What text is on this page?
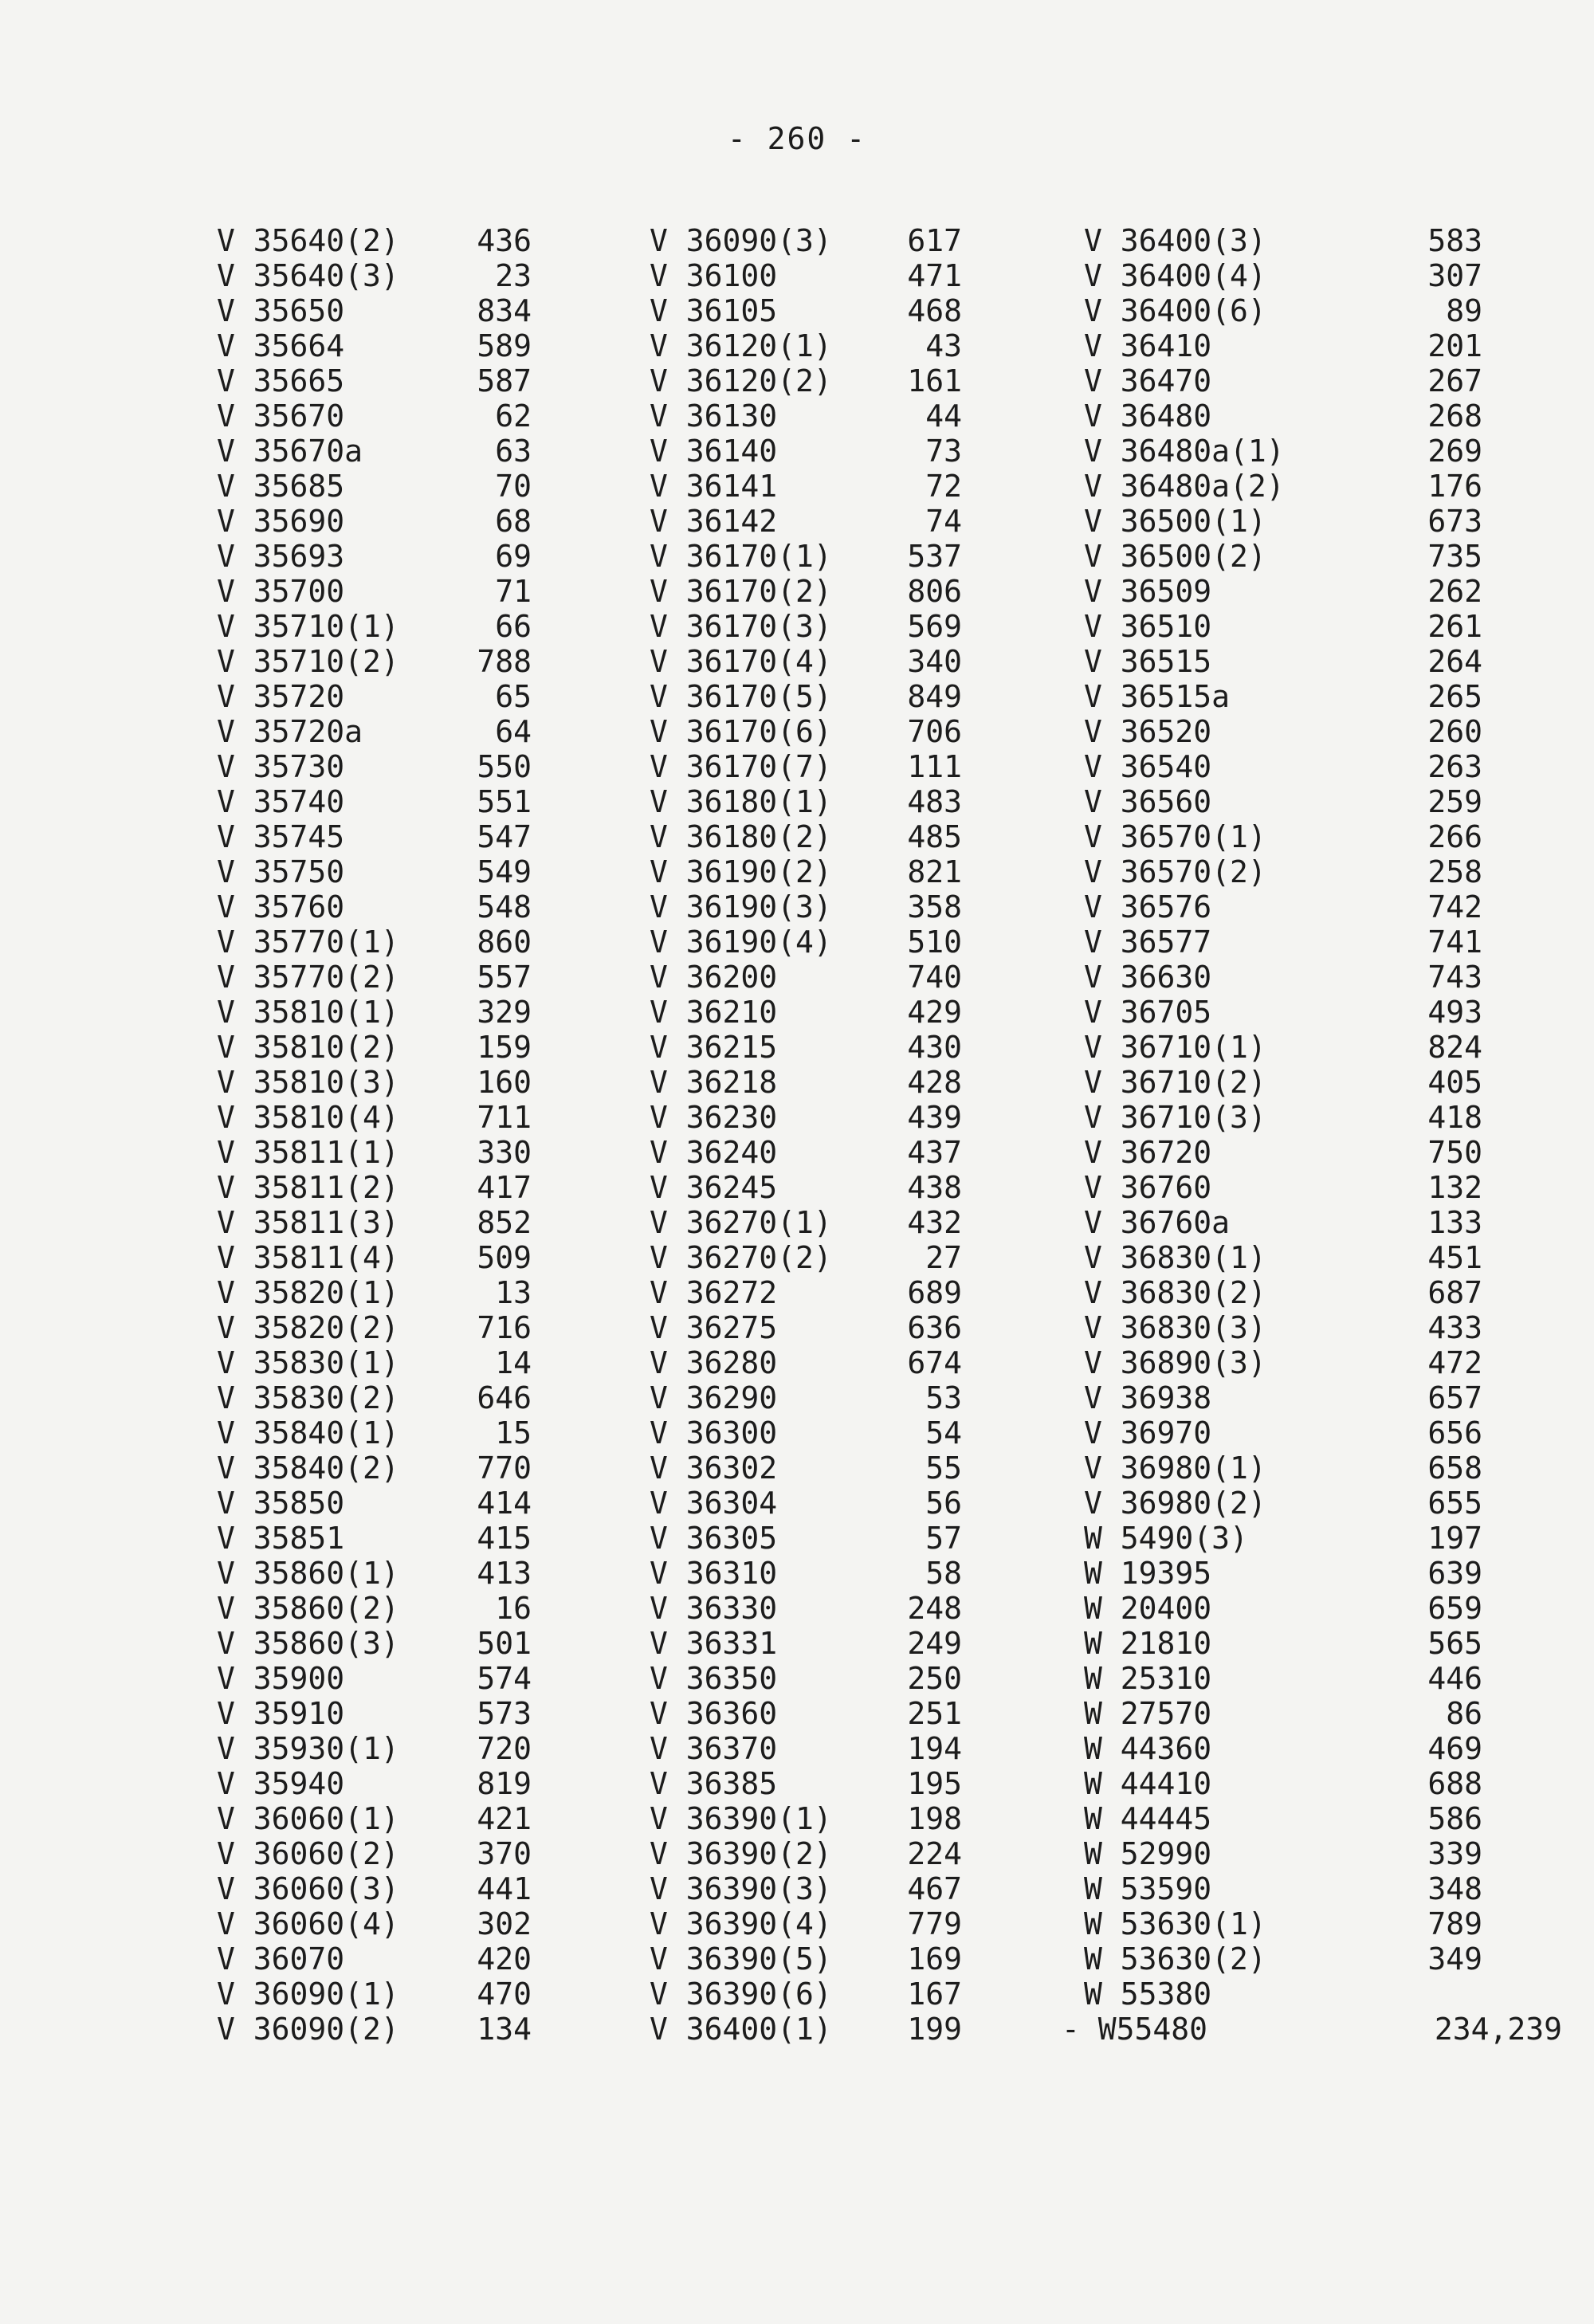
- 260 -
V 35640(2)	436
V 35640(3)	23
V 35650	834
V 35664	589
V 35665	587
V 35670	62
V 35670a	63
V 35685	70
V 35690	68
V 35693	69
V 35700	71
V 35710(1)	66
V 35710(2)	788
V 35720	65
V 35720a	64
V 35730	550
V 35740	551
V 35745	547
V 35750	549
V 35760	548
V 35770(1)	860
V 35770(2)	557
V 35810(1)	329
V 35810(2)	159
V 35810(3)	160
V 35810(4)	711
V 35811(1)	330
V 35811(2)	417
V 35811(3)	852
V 35811(4)	509
V 35820(1)	13
V 35820(2)	716
V 35830(1)	14
V 35830(2)	646
V 35840(1)	15
V 35840(2)	770
V 35850	414
V 35851	415
V 35860(1)	413
V 35860(2)	16
V 35860(3)	501
V 35900	574
V 35910	573
V 35930(1)	720
V 35940	819
V 36060(1)	421
V 36060(2)	370
V 36060(3)	441
V 36060(4)	302
V 36070	420
V 36090(1)	470
V 36090(2)	134
V 36090(3) 617
V 36100	471
V 36105	468
V 36120(1)	43
V 36120(2) 161
V 36130	44
V 36140	73
V 36141	72
V 36142	74
V 36170(1) 537
V 36170(2) 806
V 36170(3) 569
V 36170(4) 340
V 36170(5) 849
V 36170(6) 706
V 36170(7) 111
V 36180(1) 483
V 36180(2) 485
V 36190(2) 821
V 36190(3) 358
V 36190(4) 510
V 36200	740
V 36210	429
V 36215	430
V 36218	428
V 36230	439
V 36240	437
V 36245	438
V 36270(1) 432
V 36270(2)	27
V 36272	689
V 36275	636
V 36280	674
V 36290	53
V 36300	54
V 36302	55
V 36304	56
V 36305	57
V 36310	58
V 36330	248
V 36331	249
V 36350	250
V 36360	251
V 36370	194
V 36385	195
V 36390(1) 198
V 36390(2) 224
V 36390(3) 467
V 36390(4) 779
V 36390(5) 169
V 36390(6) 167
V 36400(1) 199
V 36400(3)	583
V 36400(4)	307
V 36400(6)	89
V 36410	201
V 36470	267
V 36480	268
V 36480a(1)	269
V 36480a(2)	176
V 36500(1)	673
V 36500(2)	735
V 36509	262
V 36510	261
V 36515	264
V 36515a	265
V 36520	260
V 36540	263
V 36560	259
V 36570(1)	266
V 36570(2)	258
V 36576	742
V 36577	741
V 36630	743
V 36705	493
V 36710(1)	824
V 36710(2)	405
V 36710(3)	418
V 36720	750
V 36760	132
V 36760a	133
V 36830(1)	451
V 36830(2)	687
V 36830(3)	433
V 36890(3)	472
V 36938	657
V 36970	656
V 36980(1)	658
V 36980(2)	655
W 5490(3)	197
W 19395	639
W 20400	659
W 21810	565
W 25310	446
W 27570	86
W 44360	469
W 44410	688
W 44445	586
W 52990	339
W 53590	348
W 53630(1)	789
W 53630(2)	349
W 55380
- W55480	234,239
